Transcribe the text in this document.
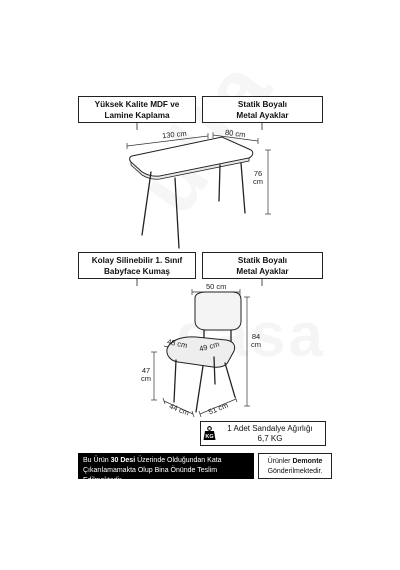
Yüksek Kalite MDF ve
Lamine Kaplama
Statik Boyalı
Metal Ayaklar
130 cm	80 cm
76
cm
Kolay Silinebilir 1. Sınıf
Babyface Kumaş
Statik Boyalı
Metal Ayaklar
50 cm
48 cm 49 cm
84
cm
47
cm
44 cm 51 cm
1 Adet Sandalye Ağırlığı
6,7 KG
KG
Bu Ürün 30 Desi Üzerinde Olduğundan Kata
Çıkarılamamakta Olup Bina Önünde Teslim Edilmektedir.
Ürünler Demonte
Gönderilmektedir.
